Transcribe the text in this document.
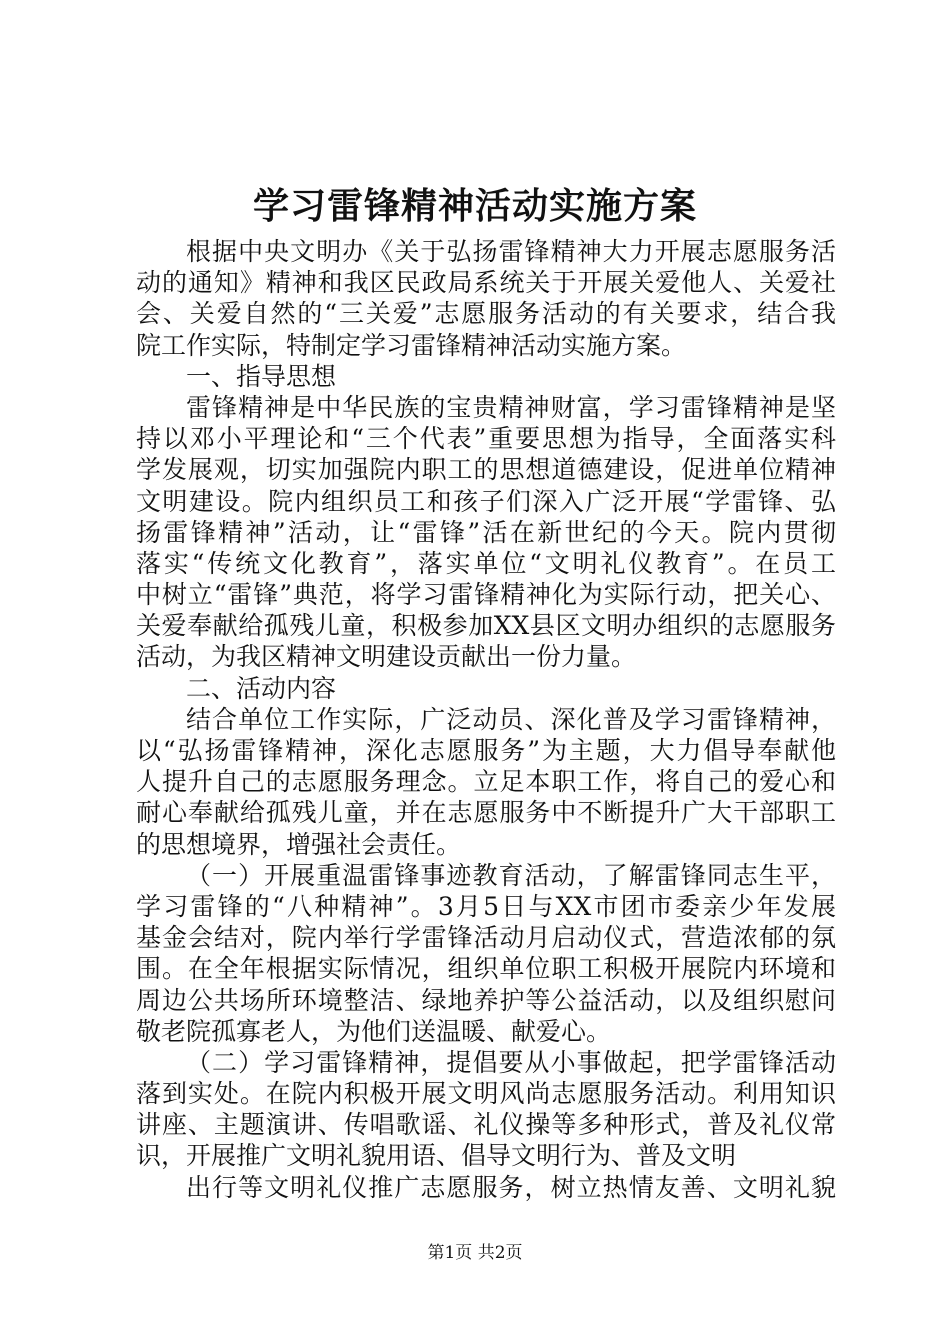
学习雷锋精神活动实施方案
根据中央文明办《关于弘扬雷锋精神大力开展志愿服务活
动的通知》精神和我区民政局系统关于开展关爱他人、关爱社
会、关爱自然的“三关爱”志愿服务活动的有关要求，结合我
院工作实际，特制定学习雷锋精神活动实施方案。
一、指导思想
雷锋精神是中华民族的宝贵精神财富，学习雷锋精神是坚
持以邓小平理论和“三个代表”重要思想为指导，全面落实科
学发展观，切实加强院内职工的思想道德建设，促进单位精神
文明建设。院内组织员工和孩子们深入广泛开展“学雷锋、弘
扬雷锋精神”活动，让“雷锋”活在新世纪的今天。院内贯彻
落实“传统文化教育”，落实单位“文明礼仪教育”。在员工
中树立“雷锋”典范，将学习雷锋精神化为实际行动，把关心、
关爱奉献给孤残儿童，积极参加XX县区文明办组织的志愿服务
活动，为我区精神文明建设贡献出一份力量。
二、活动内容
结合单位工作实际，广泛动员、深化普及学习雷锋精神，
以“弘扬雷锋精神，深化志愿服务”为主题，大力倡导奉献他
人提升自己的志愿服务理念。立足本职工作，将自己的爱心和
耐心奉献给孤残儿童，并在志愿服务中不断提升广大干部职工
的思想境界，增强社会责任。
（一）开展重温雷锋事迹教育活动，了解雷锋同志生平，
学习雷锋的“八种精神”。3月5日与XX市团市委亲少年发展
基金会结对，院内举行学雷锋活动月启动仪式，营造浓郁的氛
围。在全年根据实际情况，组织单位职工积极开展院内环境和
周边公共场所环境整洁、绿地养护等公益活动，以及组织慰问
敬老院孤寡老人，为他们送温暖、献爱心。
（二）学习雷锋精神，提倡要从小事做起，把学雷锋活动
落到实处。在院内积极开展文明风尚志愿服务活动。利用知识
讲座、主题演讲、传唱歌谣、礼仪操等多种形式，普及礼仪常
识，开展推广文明礼貌用语、倡导文明行为、普及文明
出行等文明礼仪推广志愿服务，树立热情友善、文明礼貌
第1页 共2页
